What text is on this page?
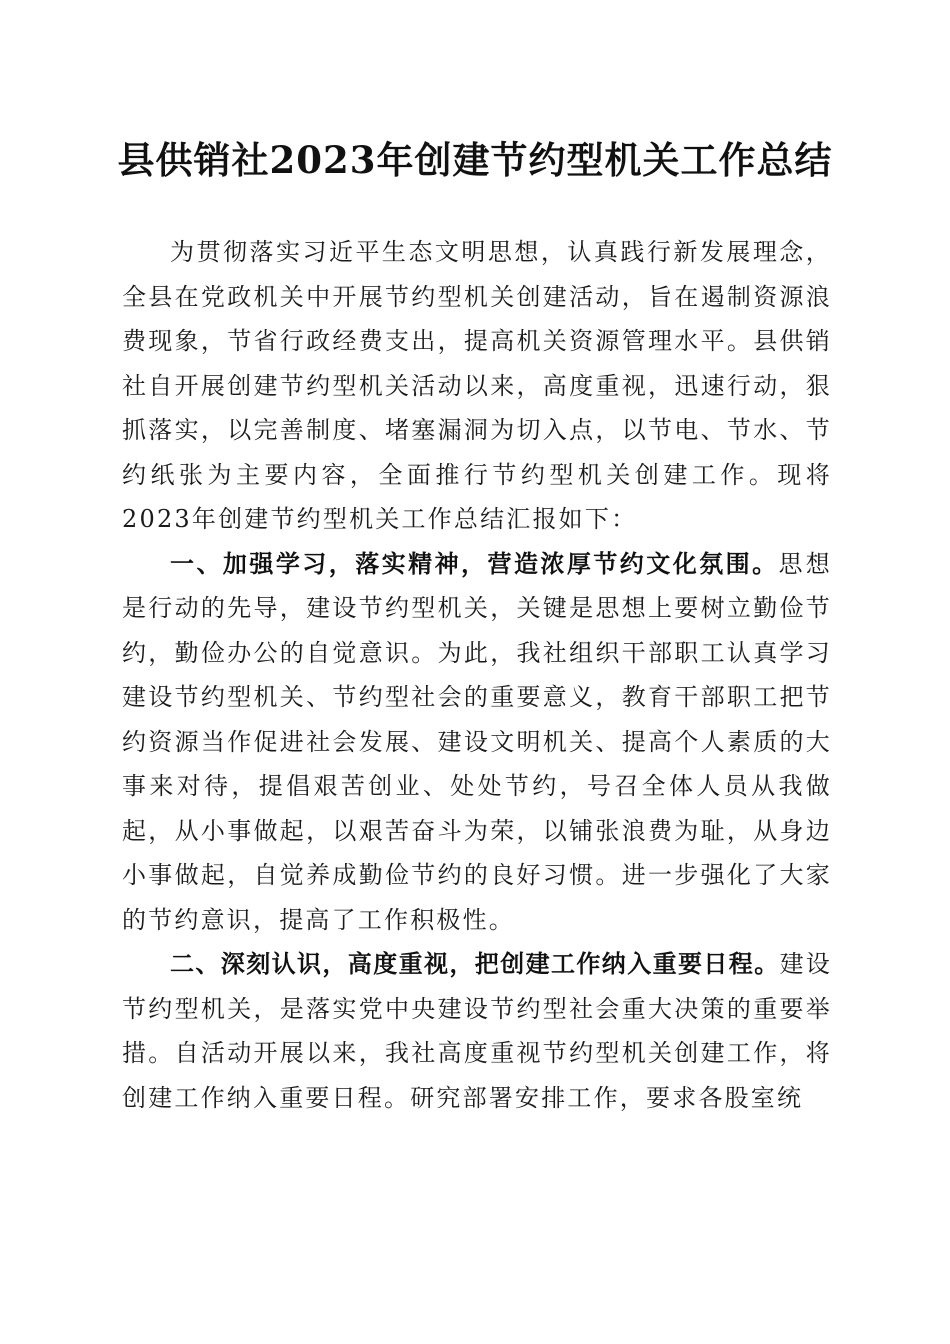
县供销社2023年创建节约型机关工作总结

为贯彻落实习近平生态文明思想，认真践行新发展理念，全县在党政机关中开展节约型机关创建活动，旨在遏制资源浪费现象，节省行政经费支出，提高机关资源管理水平。县供销社自开展创建节约型机关活动以来，高度重视，迅速行动，狠抓落实，以完善制度、堵塞漏洞为切入点，以节电、节水、节约纸张为主要内容，全面推行节约型机关创建工作。现将2023年创建节约型机关工作总结汇报如下：

一、加强学习，落实精神，营造浓厚节约文化氛围。思想是行动的先导，建设节约型机关，关键是思想上要树立勤俭节约，勤俭办公的自觉意识。为此，我社组织干部职工认真学习建设节约型机关、节约型社会的重要意义，教育干部职工把节约资源当作促进社会发展、建设文明机关、提高个人素质的大事来对待，提倡艰苦创业、处处节约，号召全体人员从我做起，从小事做起，以艰苦奋斗为荣，以铺张浪费为耻，从身边小事做起，自觉养成勤俭节约的良好习惯。进一步强化了大家的节约意识，提高了工作积极性。

二、深刻认识，高度重视，把创建工作纳入重要日程。建设节约型机关，是落实党中央建设节约型社会重大决策的重要举措。自活动开展以来，我社高度重视节约型机关创建工作，将创建工作纳入重要日程。研究部署安排工作，要求各股室统
